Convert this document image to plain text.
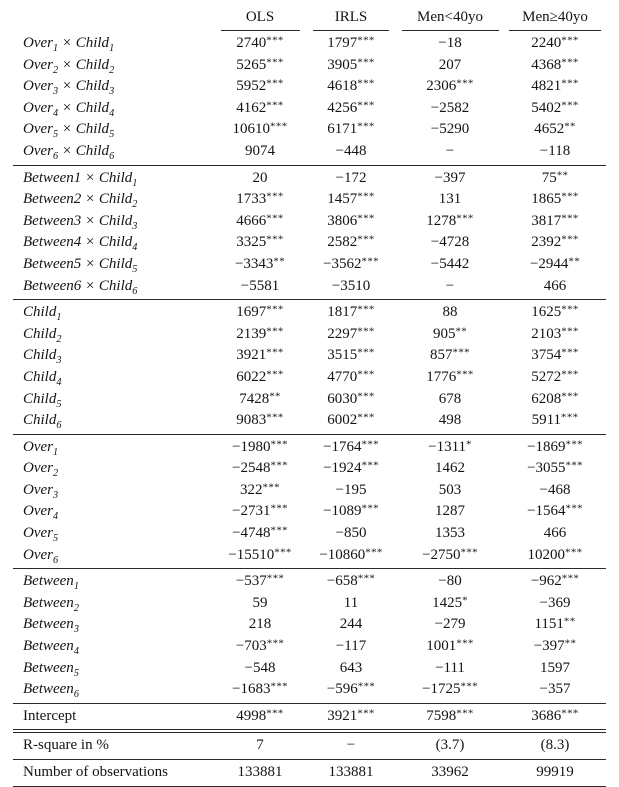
	OLS	IRLS	Men<40yo	Men≥40yo
Over$_1$ × Child$_1$	2740***	1797***	−18	2240***
Over$_2$ × Child$_2$	5265***	3905***	207	4368***
Over$_3$ × Child$_3$	5952***	4618***	2306***	4821***
Over$_4$ × Child$_4$	4162***	4256***	−2582	5402***
Over$_5$ × Child$_5$	10610***	6171***	−5290	4652**
Over$_6$ × Child$_6$	9074	−448	−	−118
Between1 × Child$_1$	20	−172	−397	75**
Between2 × Child$_2$	1733***	1457***	131	1865***
Between3 × Child$_3$	4666***	3806***	1278***	3817***
Between4 × Child$_4$	3325***	2582***	−4728	2392***
Between5 × Child$_5$	−3343**	−3562***	−5442	−2944**
Between6 × Child$_6$	−5581	−3510	−	466
Child$_1$	1697***	1817***	88	1625***
Child$_2$	2139***	2297***	905**	2103***
Child$_3$	3921***	3515***	857***	3754***
Child$_4$	6022***	4770***	1776***	5272***
Child$_5$	7428**	6030***	678	6208***
Child$_6$	9083***	6002***	498	5911***
Over$_1$	−1980***	−1764***	−1311*	−1869***
Over$_2$	−2548***	−1924***	1462	−3055***
Over$_3$	322***	−195	503	−468
Over$_4$	−2731***	−1089***	1287	−1564***
Over$_5$	−4748***	−850	1353	466
Over$_6$	−15510***	−10860***	−2750***	10200***
Between$_1$	−537***	−658***	−80	−962***
Between$_2$	59	11	1425*	−369
Between$_3$	218	244	−279	1151**
Between$_4$	−703***	−117	1001***	−397**
Between$_5$	−548	643	−111	1597
Between$_6$	−1683***	−596***	−1725***	−357
Intercept	4998***	3921***	7598***	3686***
R-square in %	7	−	(3.7)	(8.3)
Number of observations	133881	133881	33962	99919
